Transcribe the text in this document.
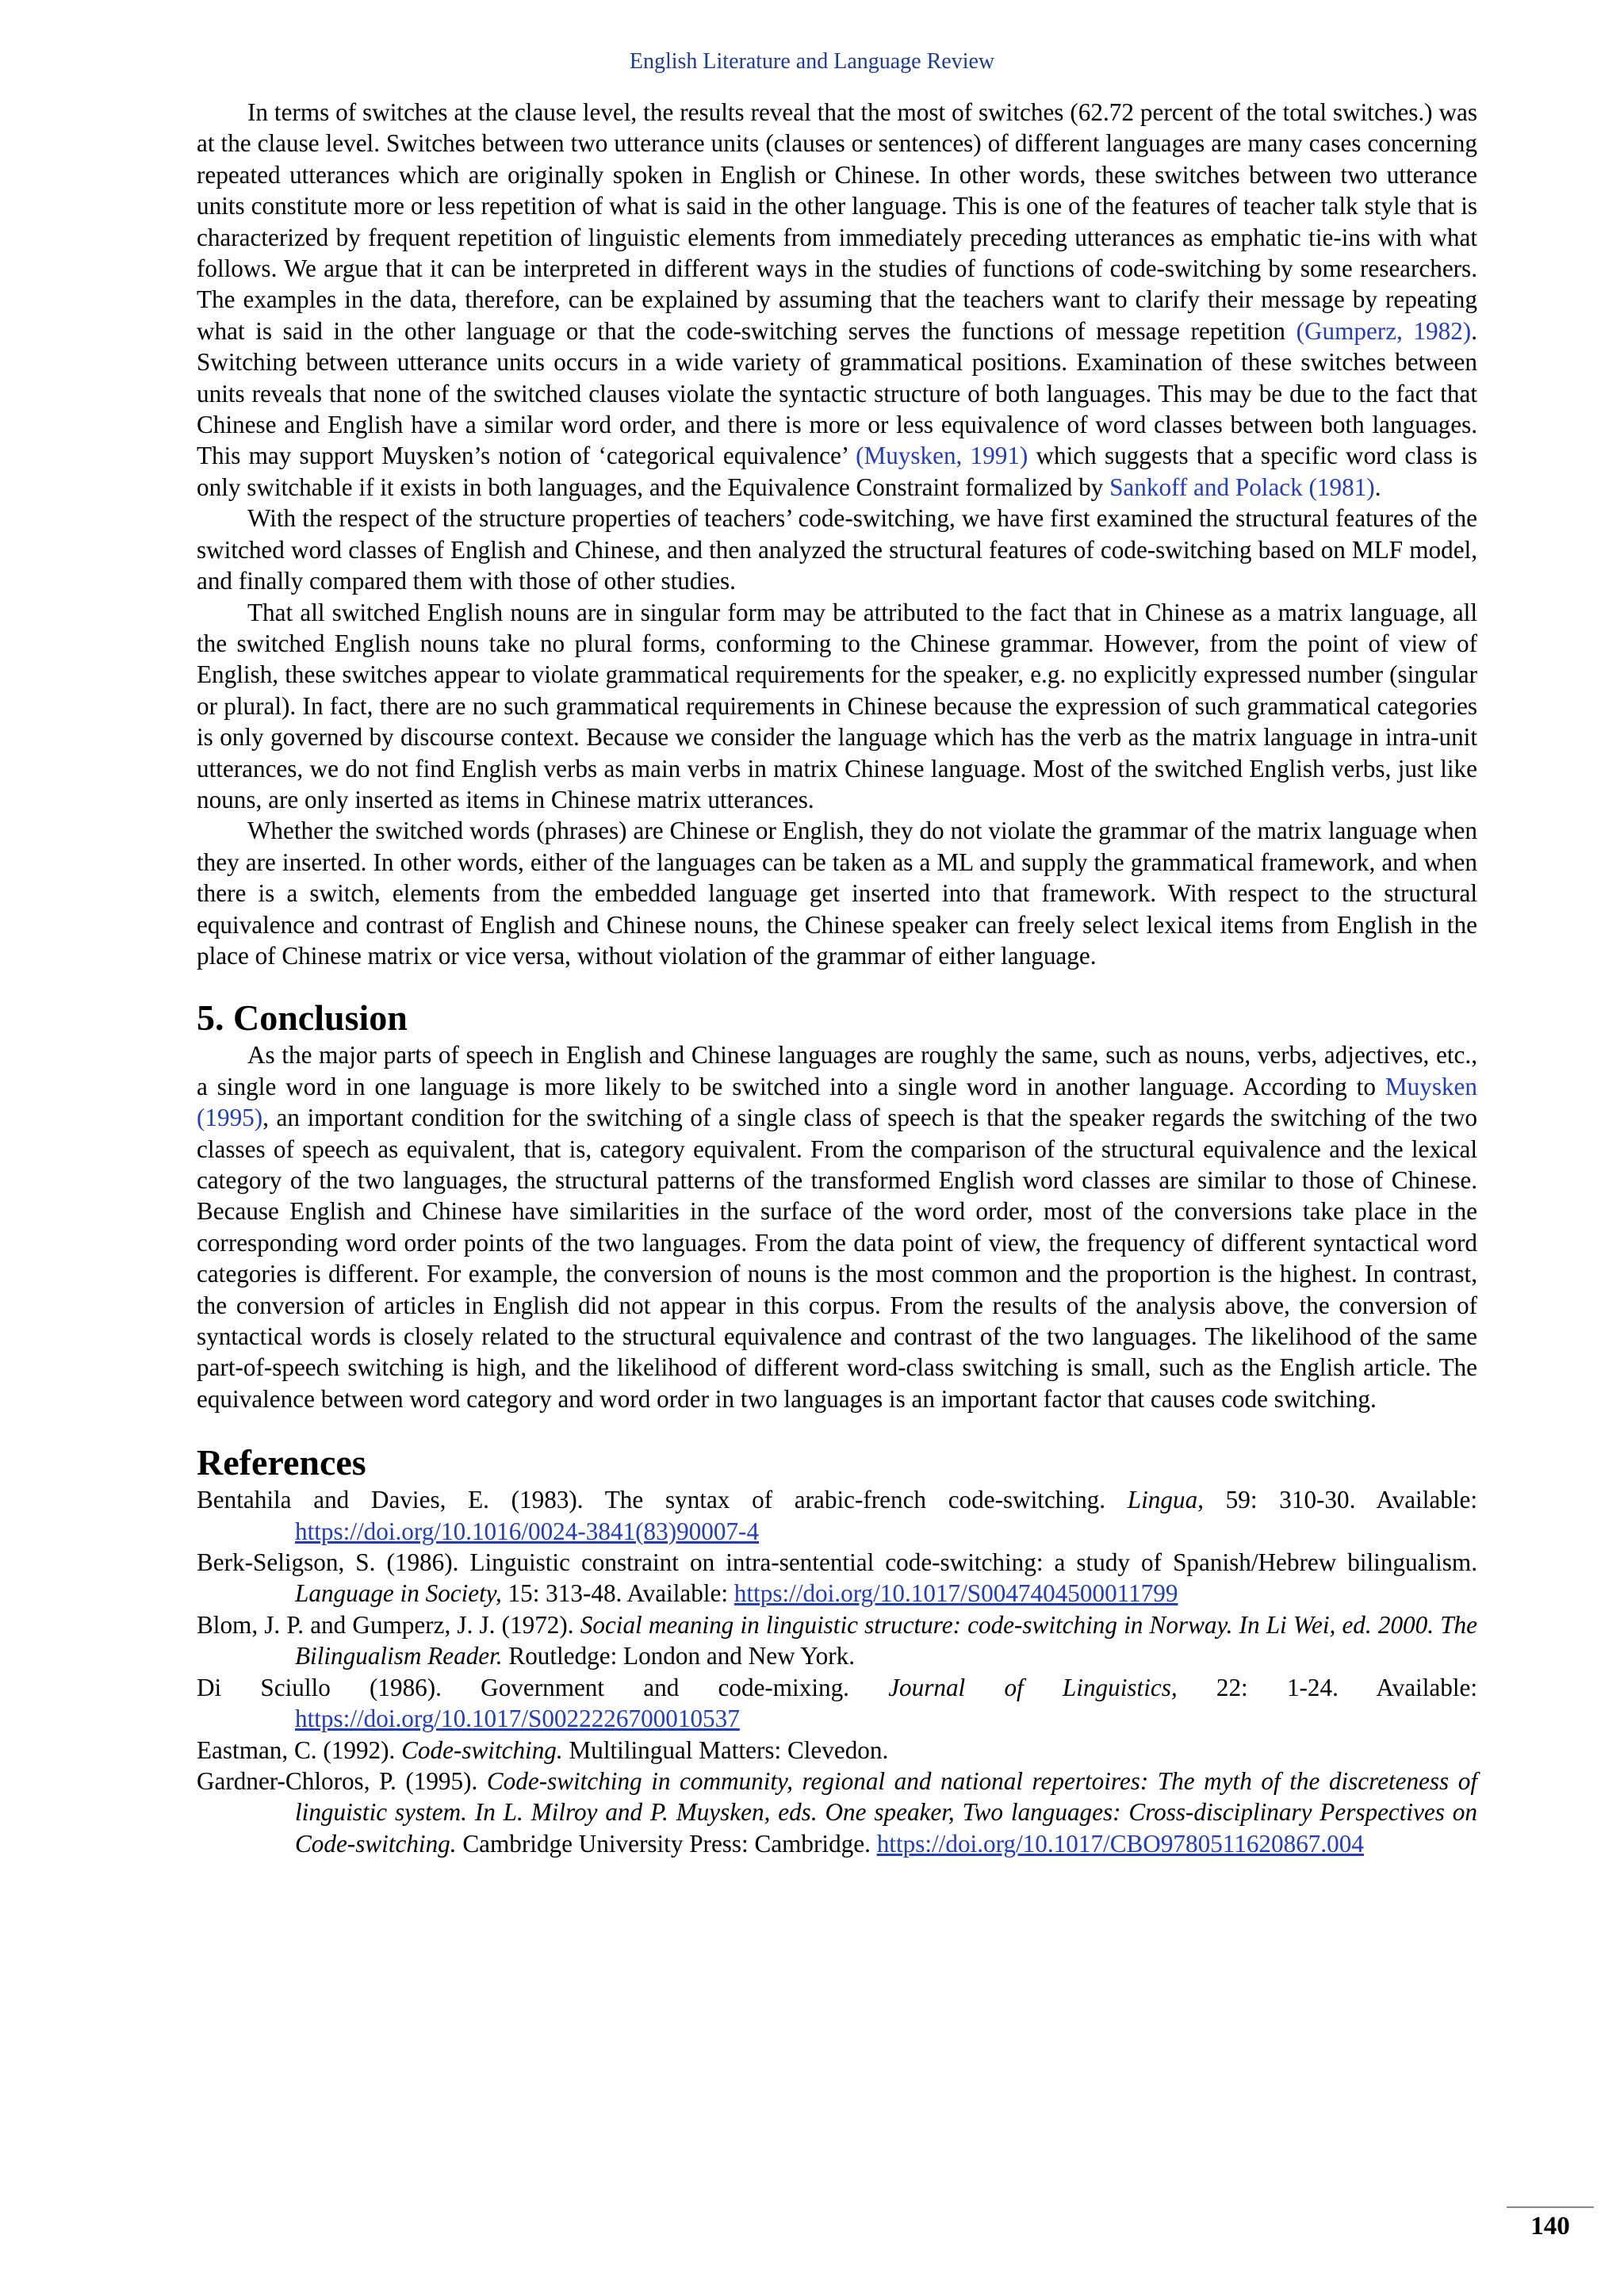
English Literature and Language Review

In terms of switches at the clause level, the results reveal that the most of switches (62.72 percent of the total switches.) was at the clause level. Switches between two utterance units (clauses or sentences) of different languages are many cases concerning repeated utterances which are originally spoken in English or Chinese. In other words, these switches between two utterance units constitute more or less repetition of what is said in the other language. This is one of the features of teacher talk style that is characterized by frequent repetition of linguistic elements from immediately preceding utterances as emphatic tie-ins with what follows. We argue that it can be interpreted in different ways in the studies of functions of code-switching by some researchers. The examples in the data, therefore, can be explained by assuming that the teachers want to clarify their message by repeating what is said in the other language or that the code-switching serves the functions of message repetition (Gumperz, 1982). Switching between utterance units occurs in a wide variety of grammatical positions. Examination of these switches between units reveals that none of the switched clauses violate the syntactic structure of both languages. This may be due to the fact that Chinese and English have a similar word order, and there is more or less equivalence of word classes between both languages. This may support Muysken’s notion of ‘categorical equivalence’ (Muysken, 1991) which suggests that a specific word class is only switchable if it exists in both languages, and the Equivalence Constraint formalized by Sankoff and Polack (1981).

With the respect of the structure properties of teachers’ code-switching, we have first examined the structural features of the switched word classes of English and Chinese, and then analyzed the structural features of code-switching based on MLF model, and finally compared them with those of other studies.

That all switched English nouns are in singular form may be attributed to the fact that in Chinese as a matrix language, all the switched English nouns take no plural forms, conforming to the Chinese grammar. However, from the point of view of English, these switches appear to violate grammatical requirements for the speaker, e.g. no explicitly expressed number (singular or plural). In fact, there are no such grammatical requirements in Chinese because the expression of such grammatical categories is only governed by discourse context. Because we consider the language which has the verb as the matrix language in intra-unit utterances, we do not find English verbs as main verbs in matrix Chinese language. Most of the switched English verbs, just like nouns, are only inserted as items in Chinese matrix utterances.

Whether the switched words (phrases) are Chinese or English, they do not violate the grammar of the matrix language when they are inserted. In other words, either of the languages can be taken as a ML and supply the grammatical framework, and when there is a switch, elements from the embedded language get inserted into that framework. With respect to the structural equivalence and contrast of English and Chinese nouns, the Chinese speaker can freely select lexical items from English in the place of Chinese matrix or vice versa, without violation of the grammar of either language.

5. Conclusion

As the major parts of speech in English and Chinese languages are roughly the same, such as nouns, verbs, adjectives, etc., a single word in one language is more likely to be switched into a single word in another language. According to Muysken (1995), an important condition for the switching of a single class of speech is that the speaker regards the switching of the two classes of speech as equivalent, that is, category equivalent. From the comparison of the structural equivalence and the lexical category of the two languages, the structural patterns of the transformed English word classes are similar to those of Chinese. Because English and Chinese have similarities in the surface of the word order, most of the conversions take place in the corresponding word order points of the two languages. From the data point of view, the frequency of different syntactical word categories is different. For example, the conversion of nouns is the most common and the proportion is the highest. In contrast, the conversion of articles in English did not appear in this corpus. From the results of the analysis above, the conversion of syntactical words is closely related to the structural equivalence and contrast of the two languages. The likelihood of the same part-of-speech switching is high, and the likelihood of different word-class switching is small, such as the English article. The equivalence between word category and word order in two languages is an important factor that causes code switching.

References

Bentahila and Davies, E. (1983). The syntax of arabic-french code-switching. Lingua, 59: 310-30. Available: https://doi.org/10.1016/0024-3841(83)90007-4

Berk-Seligson, S. (1986). Linguistic constraint on intra-sentential code-switching: a study of Spanish/Hebrew bilingualism. Language in Society, 15: 313-48. Available: https://doi.org/10.1017/S0047404500011799

Blom, J. P. and Gumperz, J. J. (1972). Social meaning in linguistic structure: code-switching in Norway. In Li Wei, ed. 2000. The Bilingualism Reader. Routledge: London and New York.

Di Sciullo (1986). Government and code-mixing. Journal of Linguistics, 22: 1-24. Available: https://doi.org/10.1017/S0022226700010537

Eastman, C. (1992). Code-switching. Multilingual Matters: Clevedon.

Gardner-Chloros, P. (1995). Code-switching in community, regional and national repertoires: The myth of the discreteness of linguistic system. In L. Milroy and P. Muysken, eds. One speaker, Two languages: Cross-disciplinary Perspectives on Code-switching. Cambridge University Press: Cambridge. https://doi.org/10.1017/CBO9780511620867.004

140
